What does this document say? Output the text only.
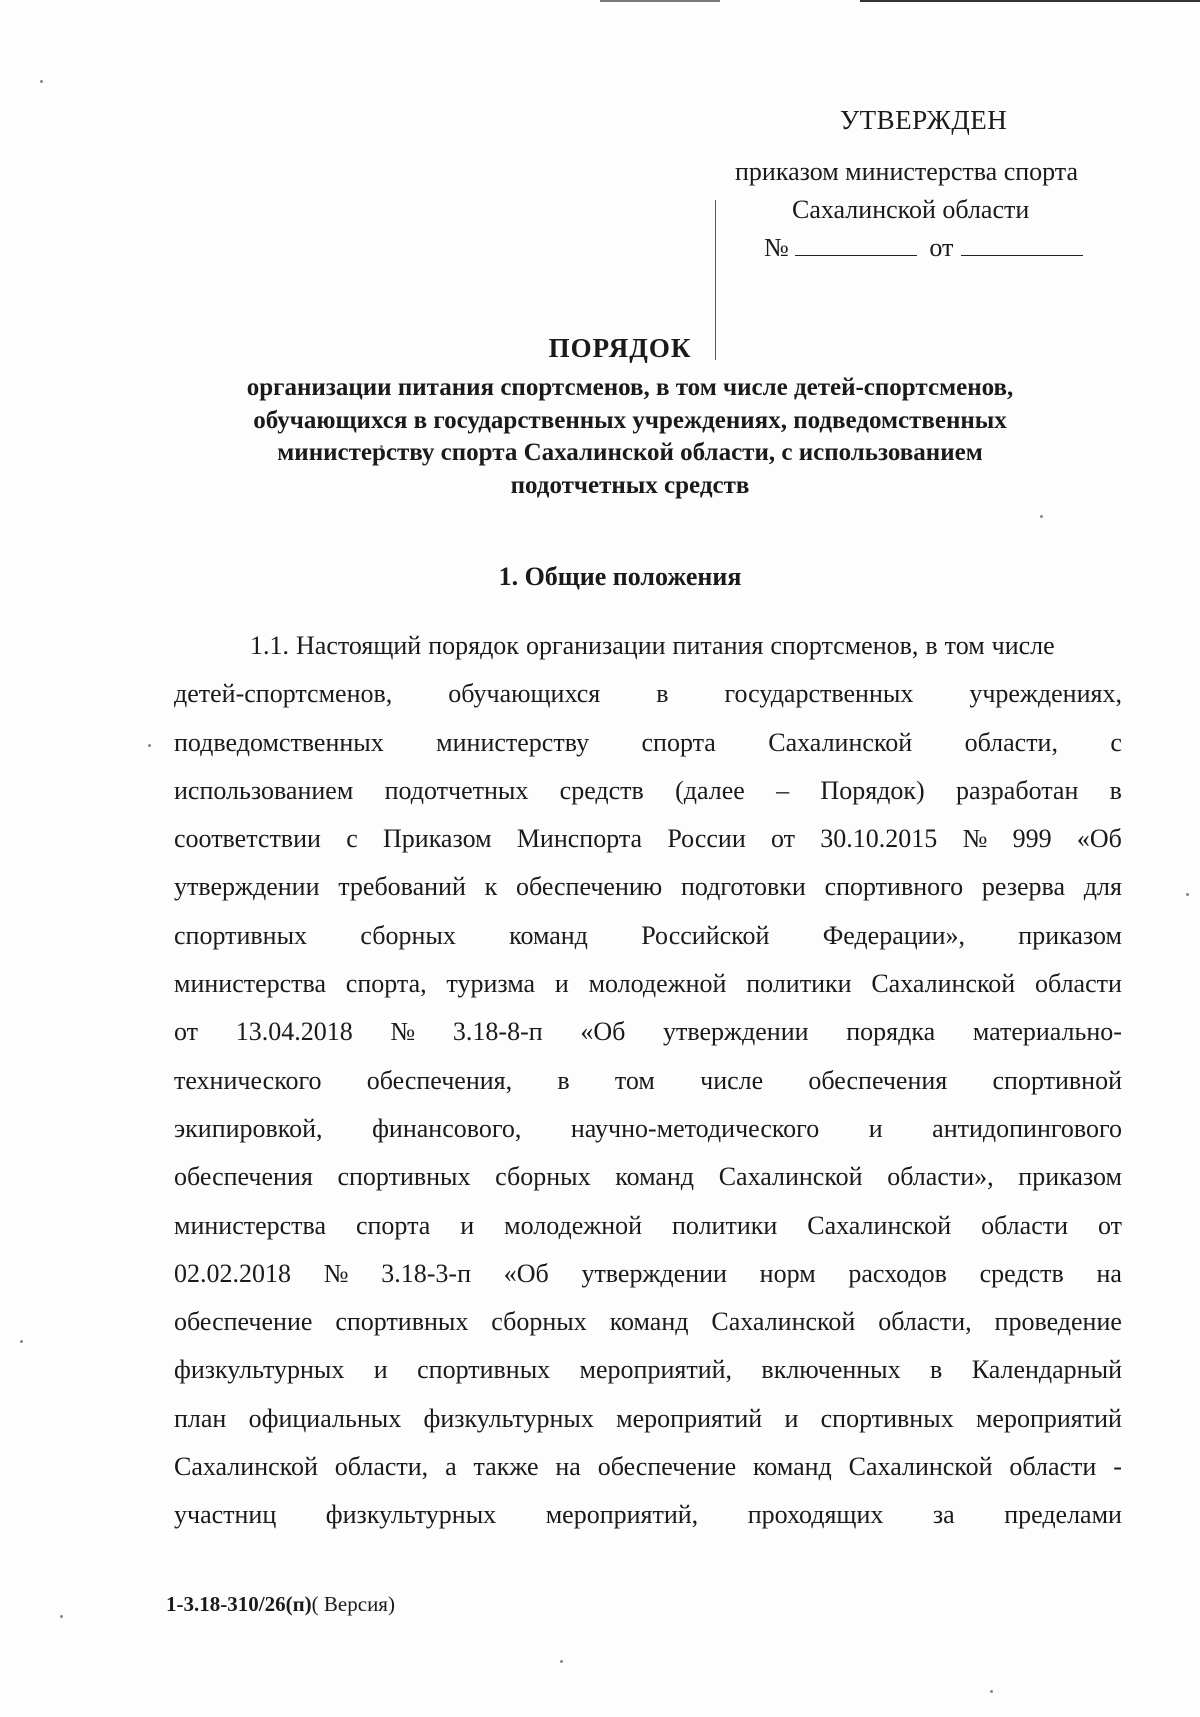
УТВЕРЖДЕН
приказом министерства спорта
Сахалинской области
№	от
ПОРЯДОК
организации питания спортсменов, в том числе детей-спортсменов,
обучающихся в государственных учреждениях, подведомственных
министерству спорта Сахалинской области, с использованием
подотчетных средств
1. Общие положения
1.1. Настоящий порядок организации питания спортсменов, в том числе
детей-спортсменов, обучающихся в государственных учреждениях,
подведомственных министерству спорта Сахалинской области, с
использованием подотчетных средств (далее – Порядок) разработан в
соответствии с Приказом Минспорта России от 30.10.2015 № 999 «Об
утверждении требований к обеспечению подготовки спортивного резерва для
спортивных сборных команд Российской Федерации», приказом
министерства спорта, туризма и молодежной политики Сахалинской области
от 13.04.2018 № 3.18-8-п «Об утверждении порядка материально-
технического обеспечения, в том числе обеспечения спортивной
экипировкой, финансового, научно-методического и антидопингового
обеспечения спортивных сборных команд Сахалинской области», приказом
министерства спорта и молодежной политики Сахалинской области от
02.02.2018 № 3.18-3-п «Об утверждении норм расходов средств на
обеспечение спортивных сборных команд Сахалинской области, проведение
физкультурных и спортивных мероприятий, включенных в Календарный
план официальных физкультурных мероприятий и спортивных мероприятий
Сахалинской области, а также на обеспечение команд Сахалинской области -
участниц физкультурных мероприятий, проходящих за пределами
1-3.18-310/26(п)( Версия)
